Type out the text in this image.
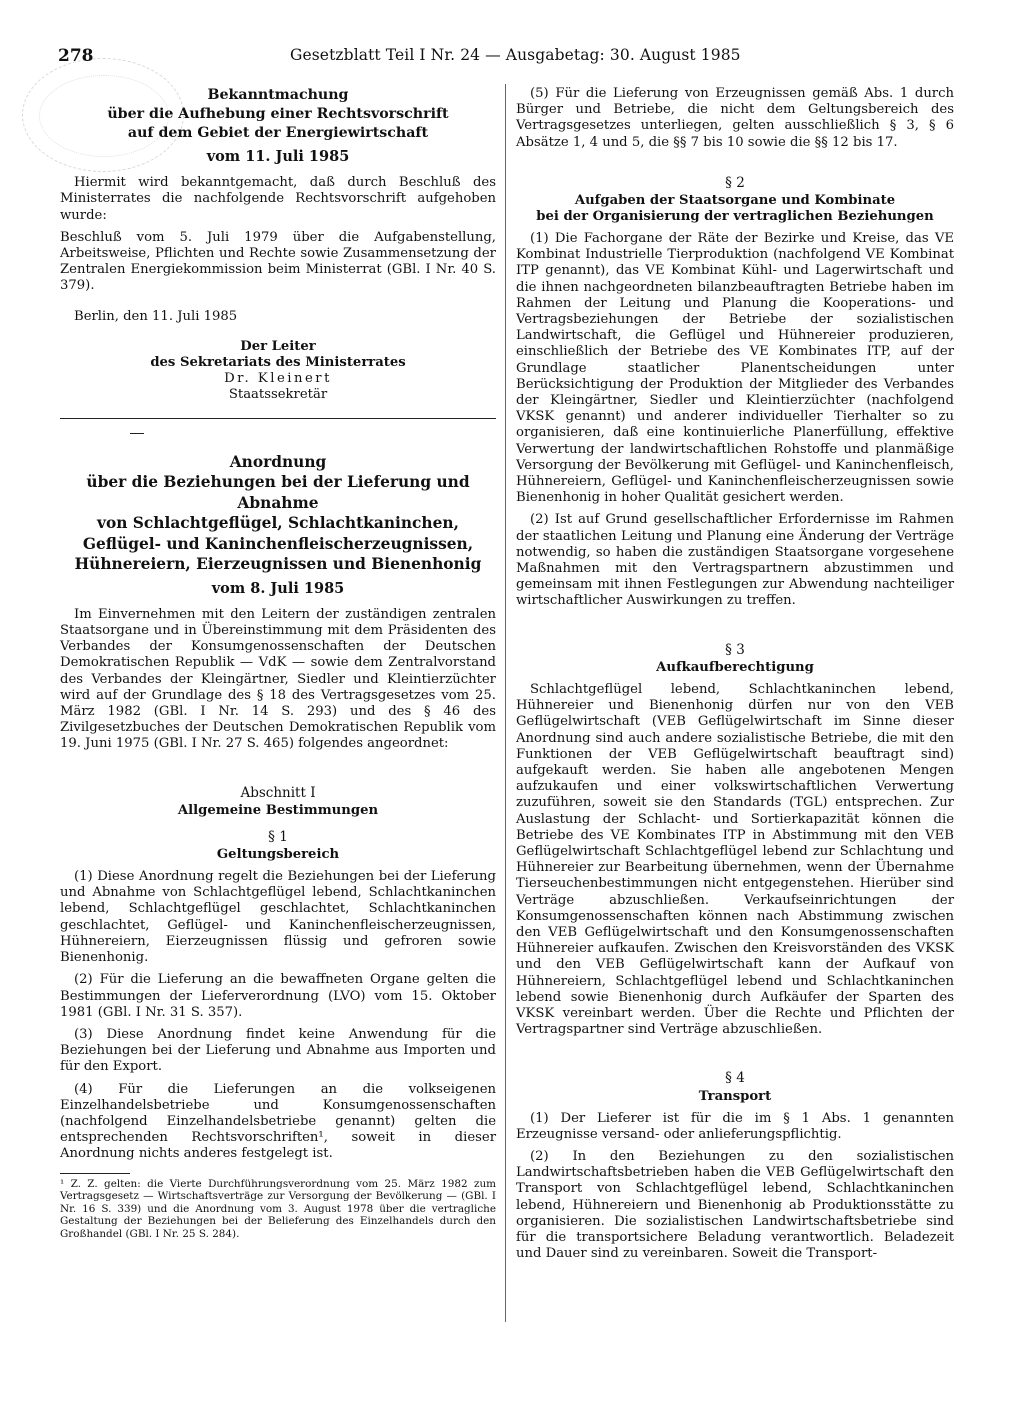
278	Gesetzblatt Teil I Nr. 24 — Ausgabetag: 30. August 1985

Bekanntmachung

über die Aufhebung einer Rechtsvorschrift

auf dem Gebiet der Energiewirtschaft

vom 11. Juli 1985

Hiermit wird bekanntgemacht, daß durch Beschluß des Ministerrates die nachfolgende Rechtsvorschrift aufgehoben wurde:

Beschluß vom 5. Juli 1979 über die Aufgabenstellung, Arbeitsweise, Pflichten und Rechte sowie Zusammensetzung der Zentralen Energiekommission beim Ministerrat (GBl. I Nr. 40 S. 379).

Berlin, den 11. Juli 1985

Der Leiter

des Sekretariats des Ministerrates

Dr. Kleinert

Staatssekretär

Anordnung

über die Beziehungen bei der Lieferung und Abnahme

von Schlachtgeflügel, Schlachtkaninchen,

Geflügel- und Kaninchenfleischerzeugnissen,

Hühnereiern, Eierzeugnissen und Bienenhonig

vom 8. Juli 1985

Im Einvernehmen mit den Leitern der zuständigen zentralen Staatsorgane und in Übereinstimmung mit dem Präsidenten des Verbandes der Konsumgenossenschaften der Deutschen Demokratischen Republik — VdK — sowie dem Zentralvorstand des Verbandes der Kleingärtner, Siedler und Kleintierzüchter wird auf der Grundlage des § 18 des Vertragsgesetzes vom 25. März 1982 (GBl. I Nr. 14 S. 293) und des § 46 des Zivilgesetzbuches der Deutschen Demokratischen Republik vom 19. Juni 1975 (GBl. I Nr. 27 S. 465) folgendes angeordnet:

Abschnitt I

Allgemeine Bestimmungen

§ 1

Geltungsbereich

(1) Diese Anordnung regelt die Beziehungen bei der Lieferung und Abnahme von Schlachtgeflügel lebend, Schlachtkaninchen lebend, Schlachtgeflügel geschlachtet, Schlachtkaninchen geschlachtet, Geflügel- und Kaninchenfleischerzeugnissen, Hühnereiern, Eierzeugnissen flüssig und gefroren sowie Bienenhonig.

(2) Für die Lieferung an die bewaffneten Organe gelten die Bestimmungen der Lieferverordnung (LVO) vom 15. Oktober 1981 (GBl. I Nr. 31 S. 357).

(3) Diese Anordnung findet keine Anwendung für die Beziehungen bei der Lieferung und Abnahme aus Importen und für den Export.

(4) Für die Lieferungen an die volkseigenen Einzelhandelsbetriebe und Konsumgenossenschaften (nachfolgend Einzelhandelsbetriebe genannt) gelten die entsprechenden Rechtsvorschriften¹, soweit in dieser Anordnung nichts anderes festgelegt ist.

¹ Z. Z. gelten: die Vierte Durchführungsverordnung vom 25. März 1982 zum Vertragsgesetz — Wirtschaftsverträge zur Versorgung der Bevölkerung — (GBl. I Nr. 16 S. 339) und die Anordnung vom 3. August 1978 über die vertragliche Gestaltung der Beziehungen bei der Belieferung des Einzelhandels durch den Großhandel (GBl. I Nr. 25 S. 284).

(5) Für die Lieferung von Erzeugnissen gemäß Abs. 1 durch Bürger und Betriebe, die nicht dem Geltungsbereich des Vertragsgesetzes unterliegen, gelten ausschließlich § 3, § 6 Absätze 1, 4 und 5, die §§ 7 bis 10 sowie die §§ 12 bis 17.

§ 2

Aufgaben der Staatsorgane und Kombinate

bei der Organisierung der vertraglichen Beziehungen

(1) Die Fachorgane der Räte der Bezirke und Kreise, das VE Kombinat Industrielle Tierproduktion (nachfolgend VE Kombinat ITP genannt), das VE Kombinat Kühl- und Lagerwirtschaft und die ihnen nachgeordneten bilanzbeauftragten Betriebe haben im Rahmen der Leitung und Planung die Kooperations- und Vertragsbeziehungen der Betriebe der sozialistischen Landwirtschaft, die Geflügel und Hühnereier produzieren, einschließlich der Betriebe des VE Kombinates ITP, auf der Grundlage staatlicher Planentscheidungen unter Berücksichtigung der Produktion der Mitglieder des Verbandes der Kleingärtner, Siedler und Kleintierzüchter (nachfolgend VKSK genannt) und anderer individueller Tierhalter so zu organisieren, daß eine kontinuierliche Planerfüllung, effektive Verwertung der landwirtschaftlichen Rohstoffe und planmäßige Versorgung der Bevölkerung mit Geflügel- und Kaninchenfleisch, Hühnereiern, Geflügel- und Kaninchenfleischerzeugnissen sowie Bienenhonig in hoher Qualität gesichert werden.

(2) Ist auf Grund gesellschaftlicher Erfordernisse im Rahmen der staatlichen Leitung und Planung eine Änderung der Verträge notwendig, so haben die zuständigen Staatsorgane vorgesehene Maßnahmen mit den Vertragspartnern abzustimmen und gemeinsam mit ihnen Festlegungen zur Abwendung nachteiliger wirtschaftlicher Auswirkungen zu treffen.

§ 3

Aufkaufberechtigung

Schlachtgeflügel lebend, Schlachtkaninchen lebend, Hühnereier und Bienenhonig dürfen nur von den VEB Geflügelwirtschaft (VEB Geflügelwirtschaft im Sinne dieser Anordnung sind auch andere sozialistische Betriebe, die mit den Funktionen der VEB Geflügelwirtschaft beauftragt sind) aufgekauft werden. Sie haben alle angebotenen Mengen aufzukaufen und einer volkswirtschaftlichen Verwertung zuzuführen, soweit sie den Standards (TGL) entsprechen. Zur Auslastung der Schlacht- und Sortierkapazität können die Betriebe des VE Kombinates ITP in Abstimmung mit den VEB Geflügelwirtschaft Schlachtgeflügel lebend zur Schlachtung und Hühnereier zur Bearbeitung übernehmen, wenn der Übernahme Tierseuchenbestimmungen nicht entgegenstehen. Hierüber sind Verträge abzuschließen. Verkaufseinrichtungen der Konsumgenossenschaften können nach Abstimmung zwischen den VEB Geflügelwirtschaft und den Konsumgenossenschaften Hühnereier aufkaufen. Zwischen den Kreisvorständen des VKSK und den VEB Geflügelwirtschaft kann der Aufkauf von Hühnereiern, Schlachtgeflügel lebend und Schlachtkaninchen lebend sowie Bienenhonig durch Aufkäufer der Sparten des VKSK vereinbart werden. Über die Rechte und Pflichten der Vertragspartner sind Verträge abzuschließen.

§ 4

Transport

(1) Der Lieferer ist für die im § 1 Abs. 1 genannten Erzeugnisse versand- oder anlieferungspflichtig.

(2) In den Beziehungen zu den sozialistischen Landwirtschaftsbetrieben haben die VEB Geflügelwirtschaft den Transport von Schlachtgeflügel lebend, Schlachtkaninchen lebend, Hühnereiern und Bienenhonig ab Produktionsstätte zu organisieren. Die sozialistischen Landwirtschaftsbetriebe sind für die transportsichere Beladung verantwortlich. Beladezeit und Dauer sind zu vereinbaren. Soweit die Transport-
